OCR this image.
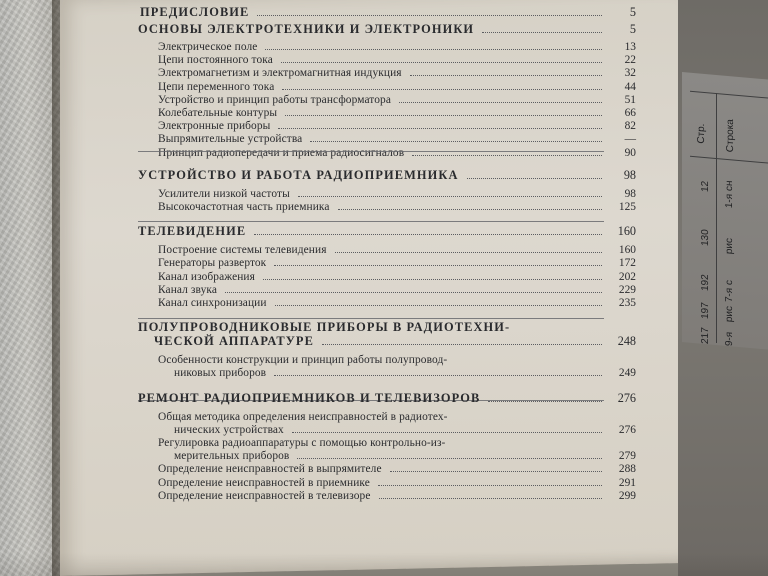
ПРЕДИСЛОВИЕ	5
ОСНОВЫ ЭЛЕКТРОТЕХНИКИ И ЭЛЕКТРОНИКИ	5
Электрическое поле	13
Цепи постоянного тока	22
Электромагнетизм и электромагнитная индукция	32
Цепи переменного тока	44
Устройство и принцип работы трансформатора	51
Колебательные контуры	66
Электронные приборы	82
Выпрямительные устройства	—
Принцип радиопередачи и приема радиосигналов	90
УСТРОЙСТВО И РАБОТА РАДИОПРИЕМНИКА	98
Усилители низкой частоты	98
Высокочастотная часть приемника	125
ТЕЛЕВИДЕНИЕ	160
Построение системы телевидения	160
Генераторы разверток	172
Канал изображения	202
Канал звука	229
Канал синхронизации	235
ПОЛУПРОВОДНИКОВЫЕ ПРИБОРЫ В РАДИОТЕХНИ-
ЧЕСКОЙ АППАРАТУРЕ	248
Особенности конструкции и принцип работы полупровод-
никовых приборов	249
РЕМОНТ РАДИОПРИЕМНИКОВ И ТЕЛЕВИЗОРОВ	276
Общая методика определения неисправностей в радиотех-
нических устройствах	276
Регулировка радиоаппаратуры с помощью контрольно-из-
мерительных приборов	279
Определение неисправностей в выпрямителе	288
Определение неисправностей в приемнике	291
Определение неисправностей в телевизоре	299
Стр. Строка
12 1-я сн
130 рис
192 7-я с
197 рис
217 9-я
